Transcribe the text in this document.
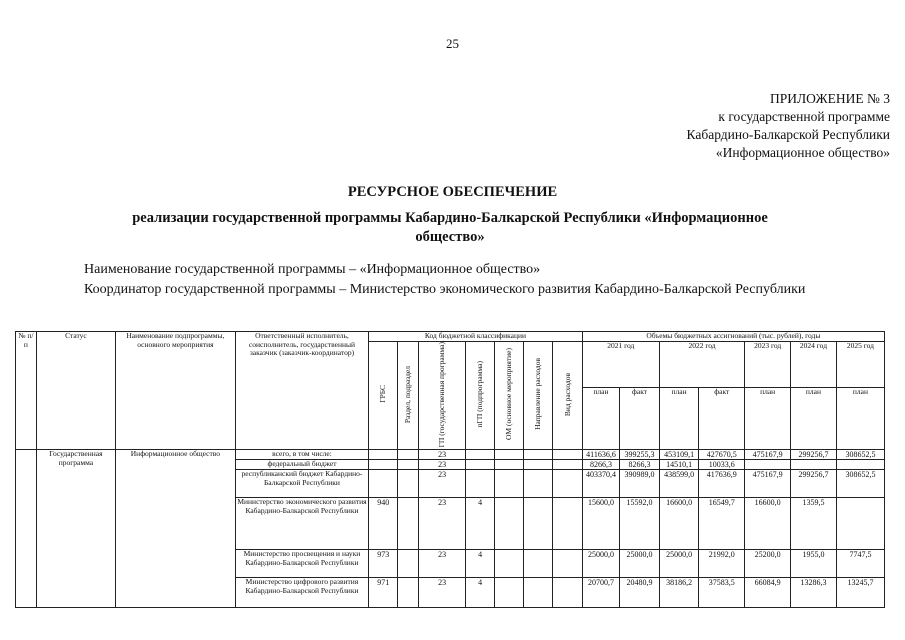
25
ПРИЛОЖЕНИЕ № 3
к государственной программе
Кабардино-Балкарской Республики
«Информационное общество»
РЕСУРСНОЕ ОБЕСПЕЧЕНИЕ
реализации государственной программы Кабардино-Балкарской Республики «Информационное общество»
Наименование государственной программы – «Информационное общество»
Координатор государственной программы – Министерство экономического развития Кабардино-Балкарской Республики
№ п/п	Статус	Наименование подпрограммы, основного мероприятия	Ответственный исполнитель, соисполнитель, государственный заказчик (заказчик-координатор)	Код бюджетной классификации							Объемы бюджетных ассигнований (тыс. рублей), годы						
				ГРБС	Раздел, подраздел	ГП (государственная программа)	пГП (подпрограмма)	ОМ (основное мероприятие)	Направление расходов	Вид расходов	2021 год		2022 год		2023 год	2024 год	2025 год
											план	факт	план	факт	план	план	план
	Государственная программа	Информационное общество	всего, в том числе:			23					411636,6	399255,3	453109,1	427670,5	475167,9	299256,7	308652,5
			федеральный бюджет			23					8266,3	8266,3	14510,1	10033,6			
			республиканский бюджет Кабардино-Балкарской Республики			23					403370,4	390989,0	438599,0	417636,9	475167,9	299256,7	308652,5
			Министерство экономического развития Кабардино-Балкарской Республики	940		23	4				15600,0	15592,0	16600,0	16549,7	16600,0	1359,5	
			Министерство просвещения и науки Кабардино-Балкарской Республики	973		23	4				25000,0	25000,0	25000,0	21992,0	25200,0	1955,0	7747,5
			Министерство цифрового развития Кабардино-Балкарской Республики	971		23	4				20700,7	20480,9	38186,2	37583,5	66084,9	13286,3	13245,7
